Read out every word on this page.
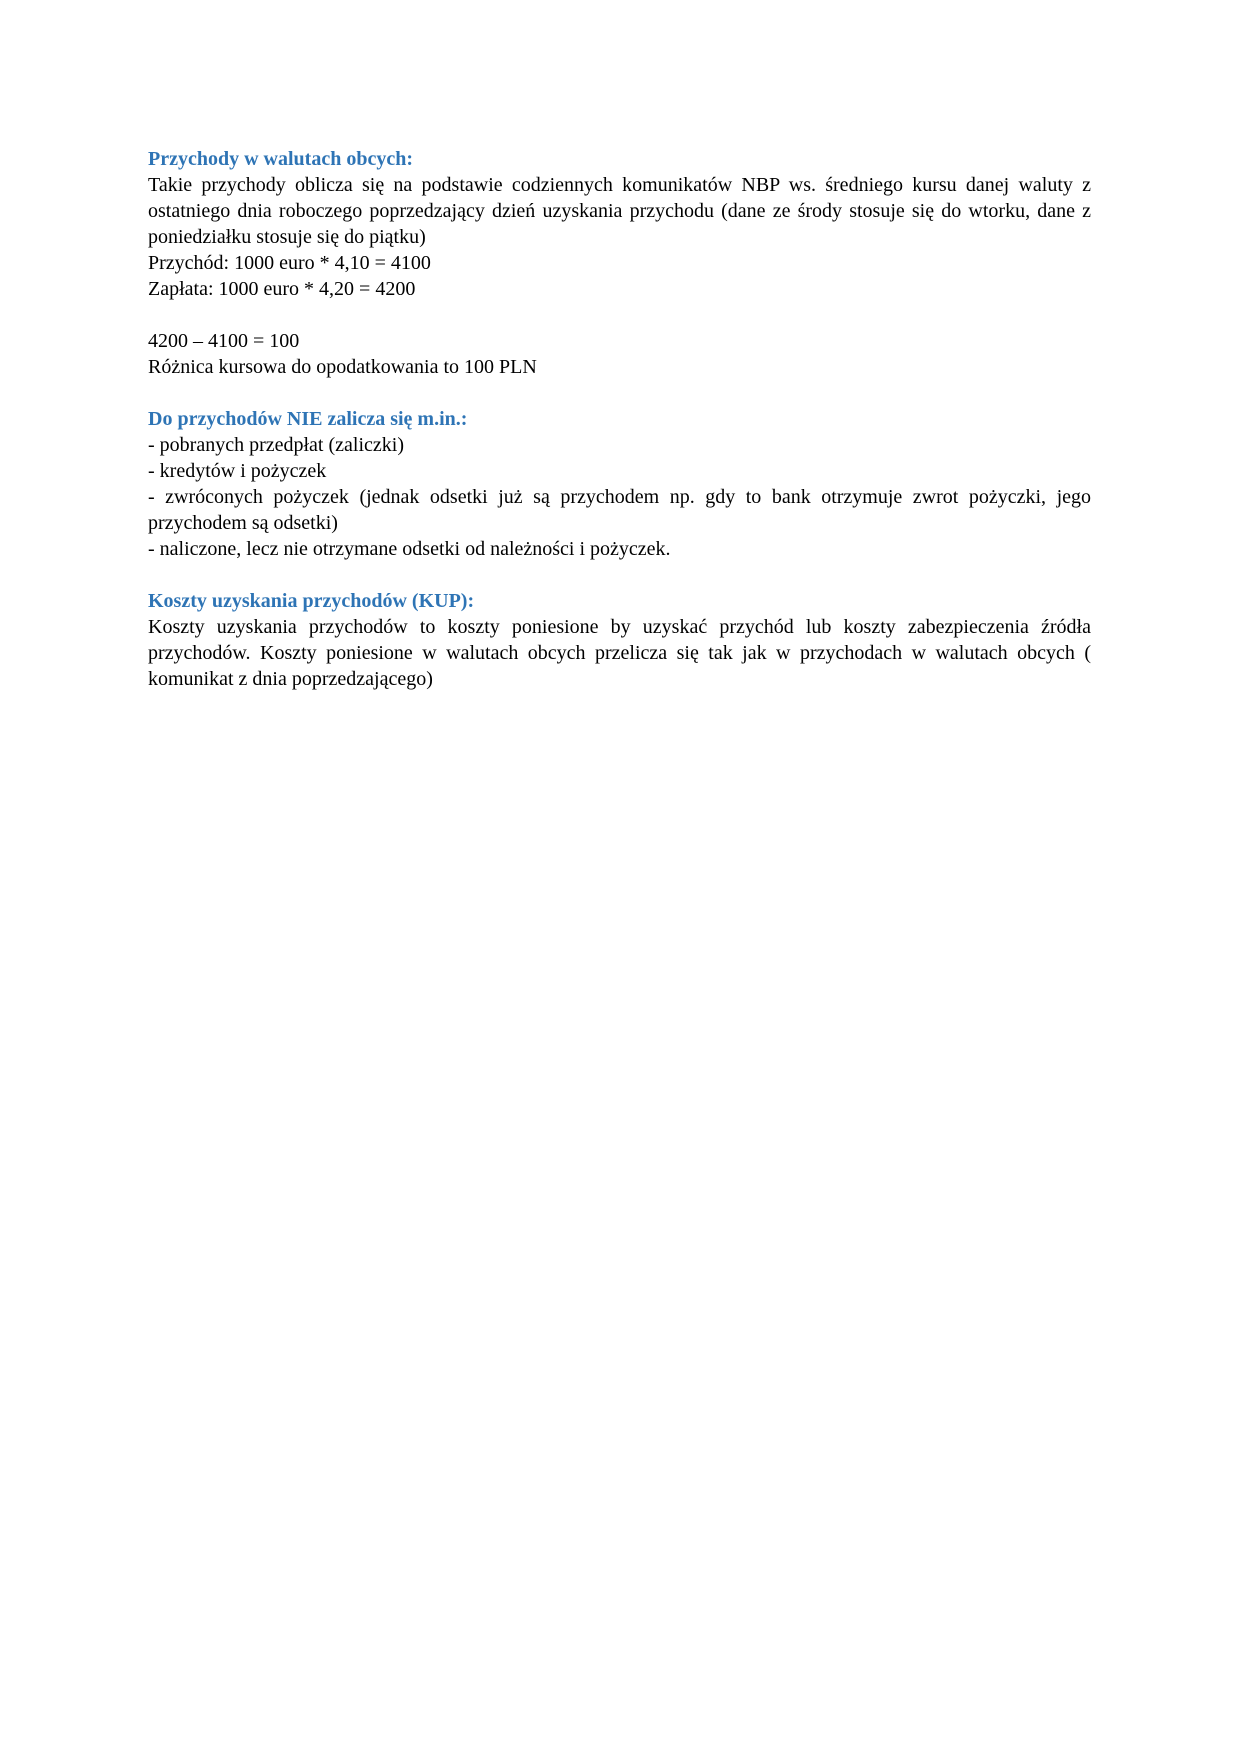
Przychody w walutach obcych:

Takie przychody oblicza się na podstawie codziennych komunikatów NBP ws. średniego kursu danej waluty z ostatniego dnia roboczego poprzedzający dzień uzyskania przychodu (dane ze środy stosuje się do wtorku, dane z poniedziałku stosuje się do piątku)

Przychód: 1000 euro * 4,10 = 4100

Zapłata: 1000 euro * 4,20 = 4200

4200 – 4100 = 100

Różnica kursowa do opodatkowania to 100 PLN

Do przychodów NIE zalicza się m.in.:

- pobranych przedpłat (zaliczki)

- kredytów i pożyczek

- zwróconych pożyczek (jednak odsetki już są przychodem np. gdy to bank otrzymuje zwrot pożyczki, jego przychodem są odsetki)

- naliczone, lecz nie otrzymane odsetki od należności i pożyczek.

Koszty uzyskania przychodów (KUP):

Koszty uzyskania przychodów to koszty poniesione by uzyskać przychód lub koszty zabezpieczenia źródła przychodów. Koszty poniesione w walutach obcych przelicza się tak jak w przychodach w walutach obcych ( komunikat z dnia poprzedzającego)
